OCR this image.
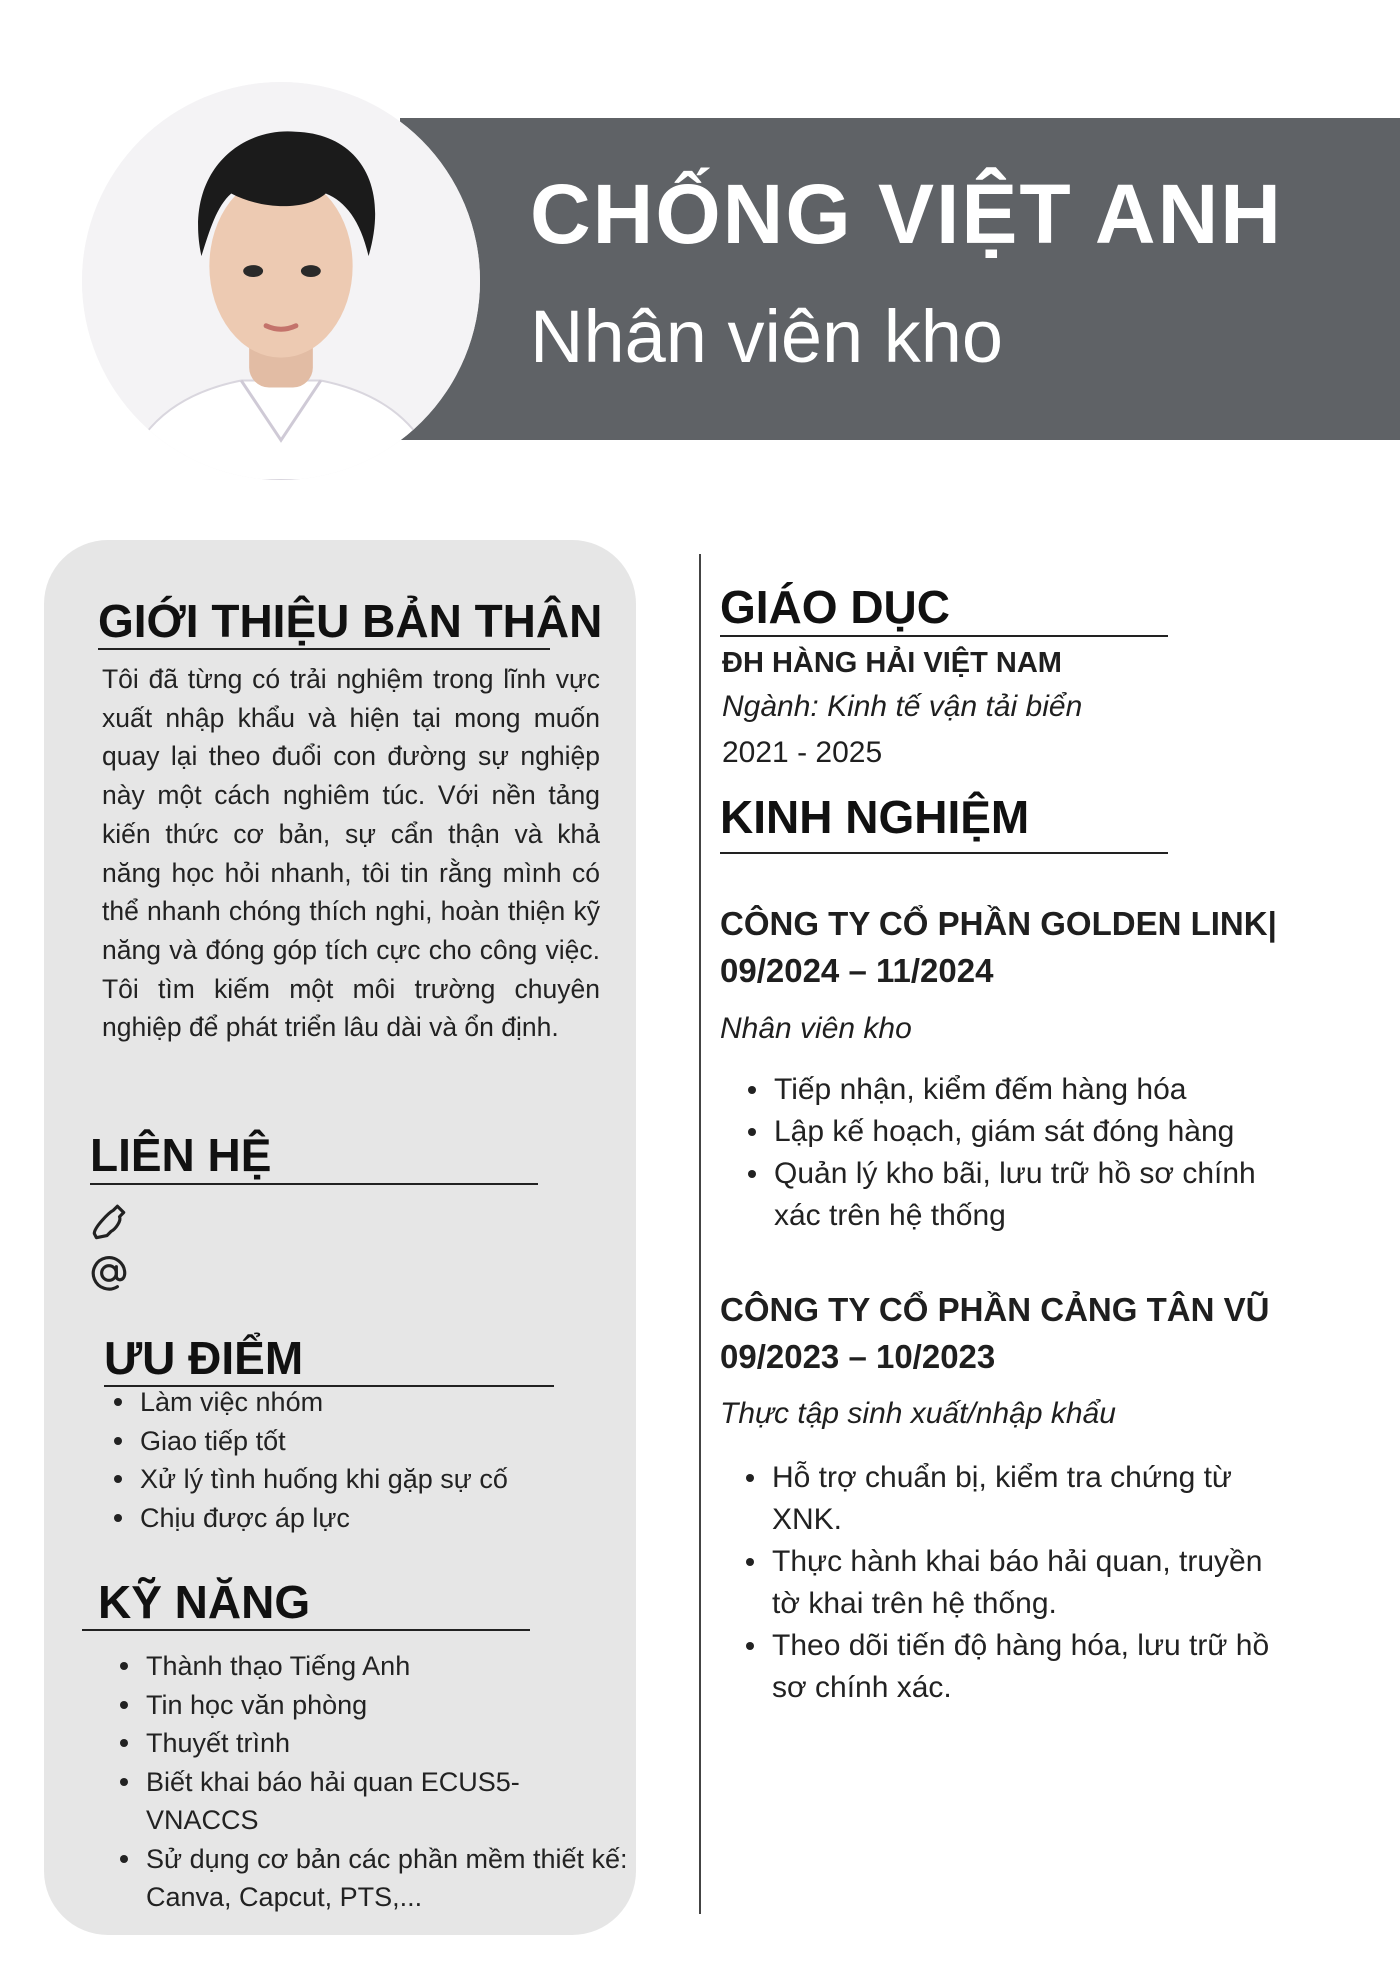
CHỐNG VIỆT ANH
Nhân viên kho
GIỚI THIỆU BẢN THÂN

Tôi đã từng có trải nghiệm trong lĩnh vực xuất nhập khẩu và hiện tại mong muốn quay lại theo đuổi con đường sự nghiệp này một cách nghiêm túc. Với nền tảng kiến thức cơ bản, sự cẩn thận và khả năng học hỏi nhanh, tôi tin rằng mình có thể nhanh chóng thích nghi, hoàn thiện kỹ năng và đóng góp tích cực cho công việc. Tôi tìm kiếm một môi trường chuyên nghiệp để phát triển lâu dài và ổn định.

LIÊN HỆ
ƯU ĐIỂM
Làm việc nhóm
Giao tiếp tốt
Xử lý tình huống khi gặp sự cố
Chịu được áp lực
KỸ NĂNG
Thành thạo Tiếng Anh
Tin học văn phòng
Thuyết trình
Biết khai báo hải quan ECUS5-VNACCS
Sử dụng cơ bản các phần mềm thiết kế: Canva, Capcut, PTS,...
GIÁO DỤC
ĐH HÀNG HẢI VIỆT NAM
Ngành: Kinh tế vận tải biển
2021 - 2025
KINH NGHIỆM
CÔNG TY CỔ PHẦN GOLDEN LINK|
09/2024 – 11/2024
Nhân viên kho
Tiếp nhận, kiểm đếm hàng hóa
Lập kế hoạch, giám sát đóng hàng
Quản lý kho bãi, lưu trữ hồ sơ chính xác trên hệ thống
CÔNG TY CỔ PHẦN CẢNG TÂN VŨ
09/2023 – 10/2023
Thực tập sinh xuất/nhập khẩu
Hỗ trợ chuẩn bị, kiểm tra chứng từ XNK.
Thực hành khai báo hải quan, truyền tờ khai trên hệ thống.
Theo dõi tiến độ hàng hóa, lưu trữ hồ sơ chính xác.
